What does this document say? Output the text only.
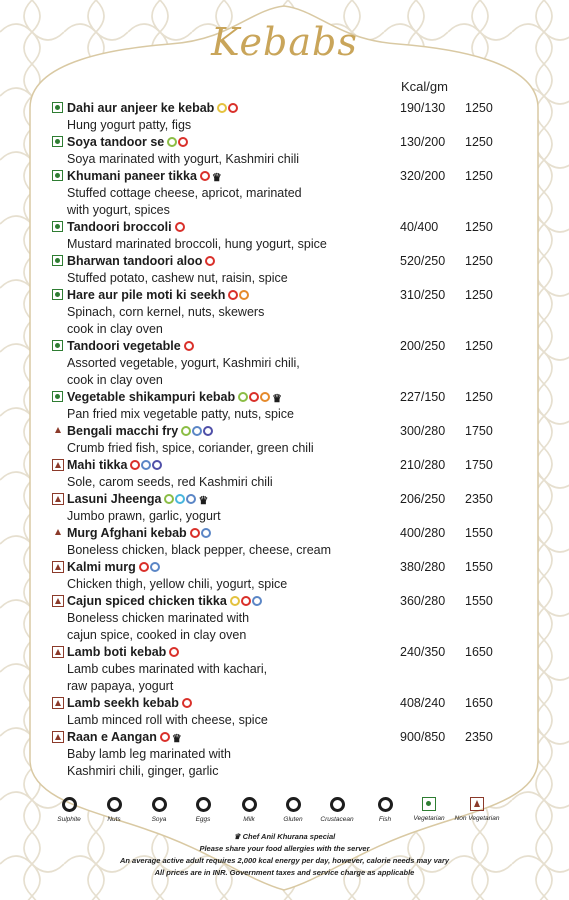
Kebabs
Kcal/gm
Dahi aur anjeer ke kebab	190/130 1250
Hung yogurt patty, figs
Soya tandoor se	130/200 1250
Soya marinated with yogurt, Kashmiri chili
Khumani paneer tikka ♛	320/200 1250
Stuffed cottage cheese, apricot, marinated
with yogurt, spices
Tandoori broccoli	40/400 1250
Mustard marinated broccoli, hung yogurt, spice
Bharwan tandoori aloo	520/250 1250
Stuffed potato, cashew nut, raisin, spice
Hare aur pile moti ki seekh	310/250 1250
Spinach, corn kernel, nuts, skewers
cook in clay oven
Tandoori vegetable	200/250 1250
Assorted vegetable, yogurt, Kashmiri chili,
cook in clay oven
Vegetable shikampuri kebab	♛	227/150 1250
Pan fried mix vegetable patty, nuts, spice
Bengali macchi fry	300/280 1750
Crumb fried fish, spice, coriander, green chili
Mahi tikka	210/280 1750
Sole, carom seeds, red Kashmiri chili
Lasuni Jheenga	♛	206/250 2350
Jumbo prawn, garlic, yogurt
Murg Afghani kebab	400/280 1550
Boneless chicken, black pepper, cheese, cream
Kalmi murg	380/280 1550
Chicken thigh, yellow chili, yogurt, spice
Cajun spiced chicken tikka	360/280 1550
Boneless chicken marinated with
cajun spice, cooked in clay oven
Lamb boti kebab	240/350 1650
Lamb cubes marinated with kachari,
raw papaya, yogurt
Lamb seekh kebab	408/240 1650
Lamb minced roll with cheese, spice
Raan e Aangan ♛	900/850 2350
Baby lamb leg marinated with
Kashmiri chili, ginger, garlic
Sulphite	Nuts	Soya	Eggs	Milk	Gluten	Crustacean	Fish	Vegetarian	Non Vegetarian
♛ Chef Anil Khurana special
Please share your food allergies with the server
An average active adult requires 2,000 kcal energy per day, however, calorie needs may vary
All prices are in INR. Government taxes and service charge as applicable
